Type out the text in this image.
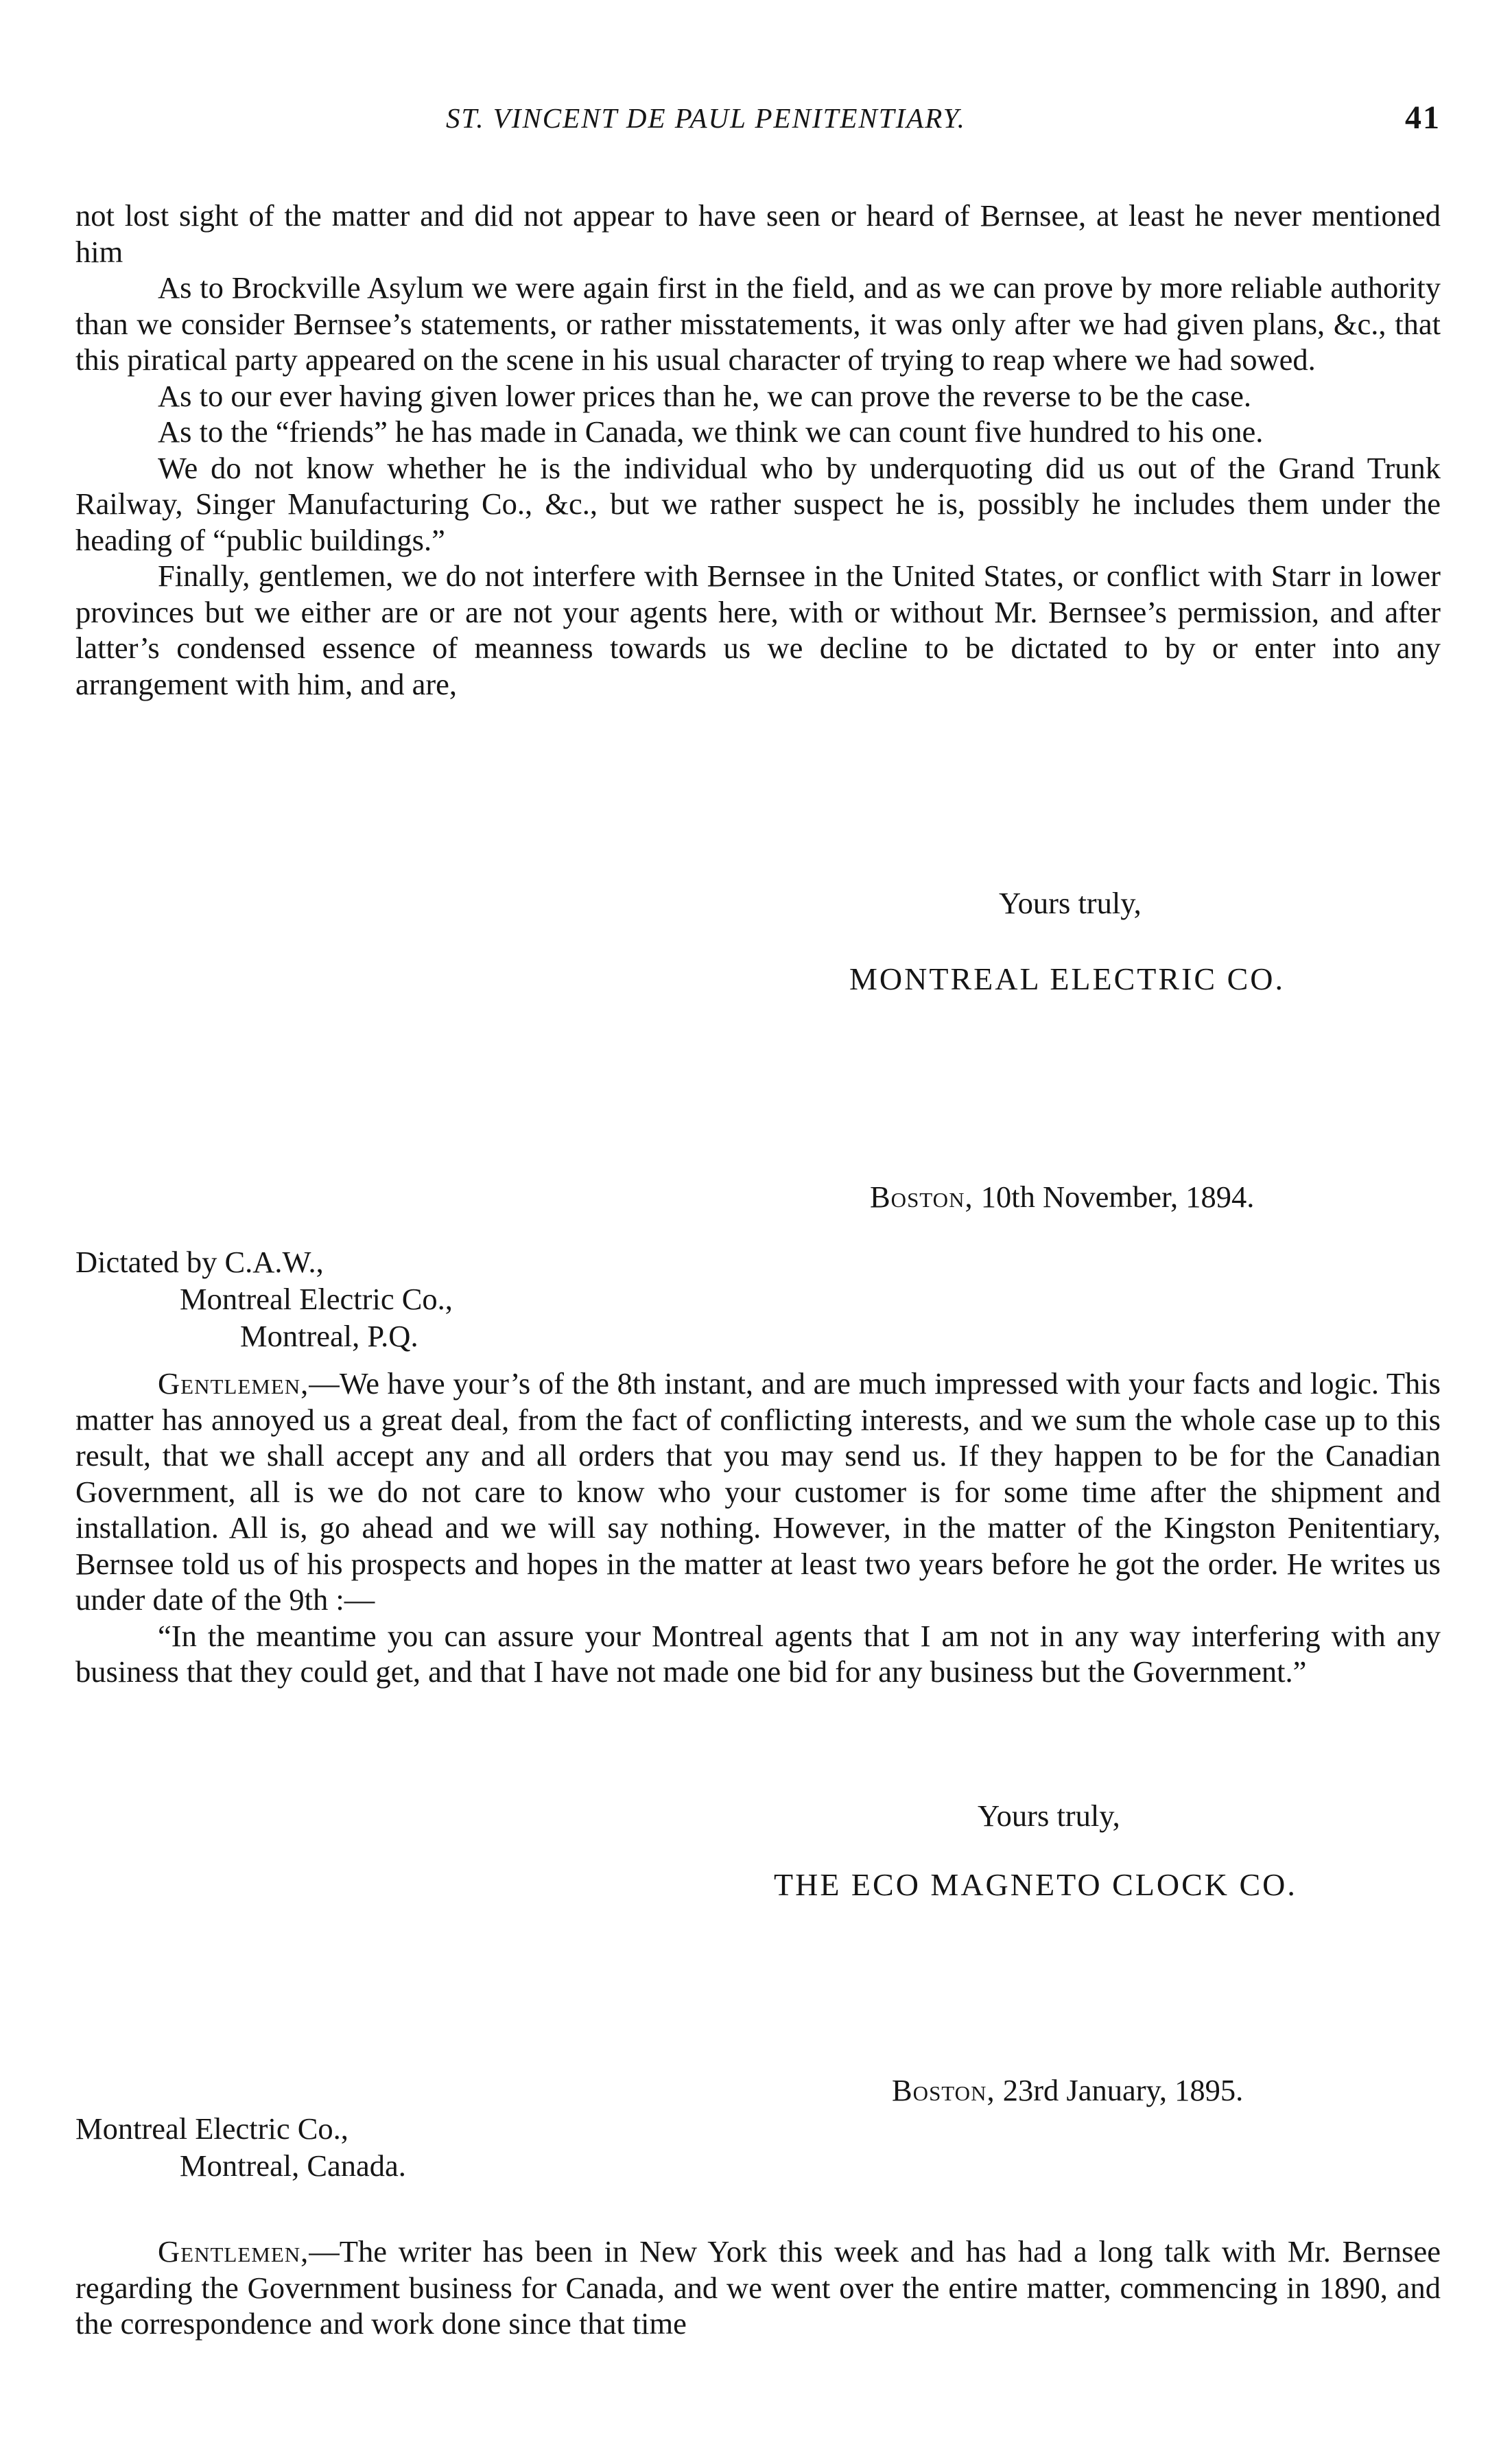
ST. VINCENT DE PAUL PENITENTIARY.	41

not lost sight of the matter and did not appear to have seen or heard of Bernsee, at least he never mentioned him

As to Brockville Asylum we were again first in the field, and as we can prove by more reliable authority than we consider Bernsee’s statements, or rather misstatements, it was only after we had given plans, &c., that this piratical party appeared on the scene in his usual character of trying to reap where we had sowed.

As to our ever having given lower prices than he, we can prove the reverse to be the case.

As to the “friends” he has made in Canada, we think we can count five hundred to his one.

We do not know whether he is the individual who by underquoting did us out of the Grand Trunk Railway, Singer Manufacturing Co., &c., but we rather suspect he is, possibly he includes them under the heading of “public buildings.”

Finally, gentlemen, we do not interfere with Bernsee in the United States, or conflict with Starr in lower provinces but we either are or are not your agents here, with or without Mr. Bernsee’s permission, and after latter’s condensed essence of meanness towards us we decline to be dictated to by or enter into any arrangement with him, and are,

Yours truly,
MONTREAL ELECTRIC CO.
Boston, 10th November, 1894.
Dictated by C.A.W.,
Montreal Electric Co.,
Montreal, P.Q.

Gentlemen,—We have your’s of the 8th instant, and are much impressed with your facts and logic. This matter has annoyed us a great deal, from the fact of conflicting interests, and we sum the whole case up to this result, that we shall accept any and all orders that you may send us. If they happen to be for the Canadian Government, all is we do not care to know who your customer is for some time after the shipment and installation. All is, go ahead and we will say nothing. However, in the matter of the Kingston Penitentiary, Bernsee told us of his prospects and hopes in the matter at least two years before he got the order. He writes us under date of the 9th :—

“In the meantime you can assure your Montreal agents that I am not in any way interfering with any business that they could get, and that I have not made one bid for any business but the Government.”

Yours truly,
THE ECO MAGNETO CLOCK CO.
Boston, 23rd January, 1895.
Montreal Electric Co.,
Montreal, Canada.

Gentlemen,—The writer has been in New York this week and has had a long talk with Mr. Bernsee regarding the Government business for Canada, and we went over the entire matter, commencing in 1890, and the correspondence and work done since that time
